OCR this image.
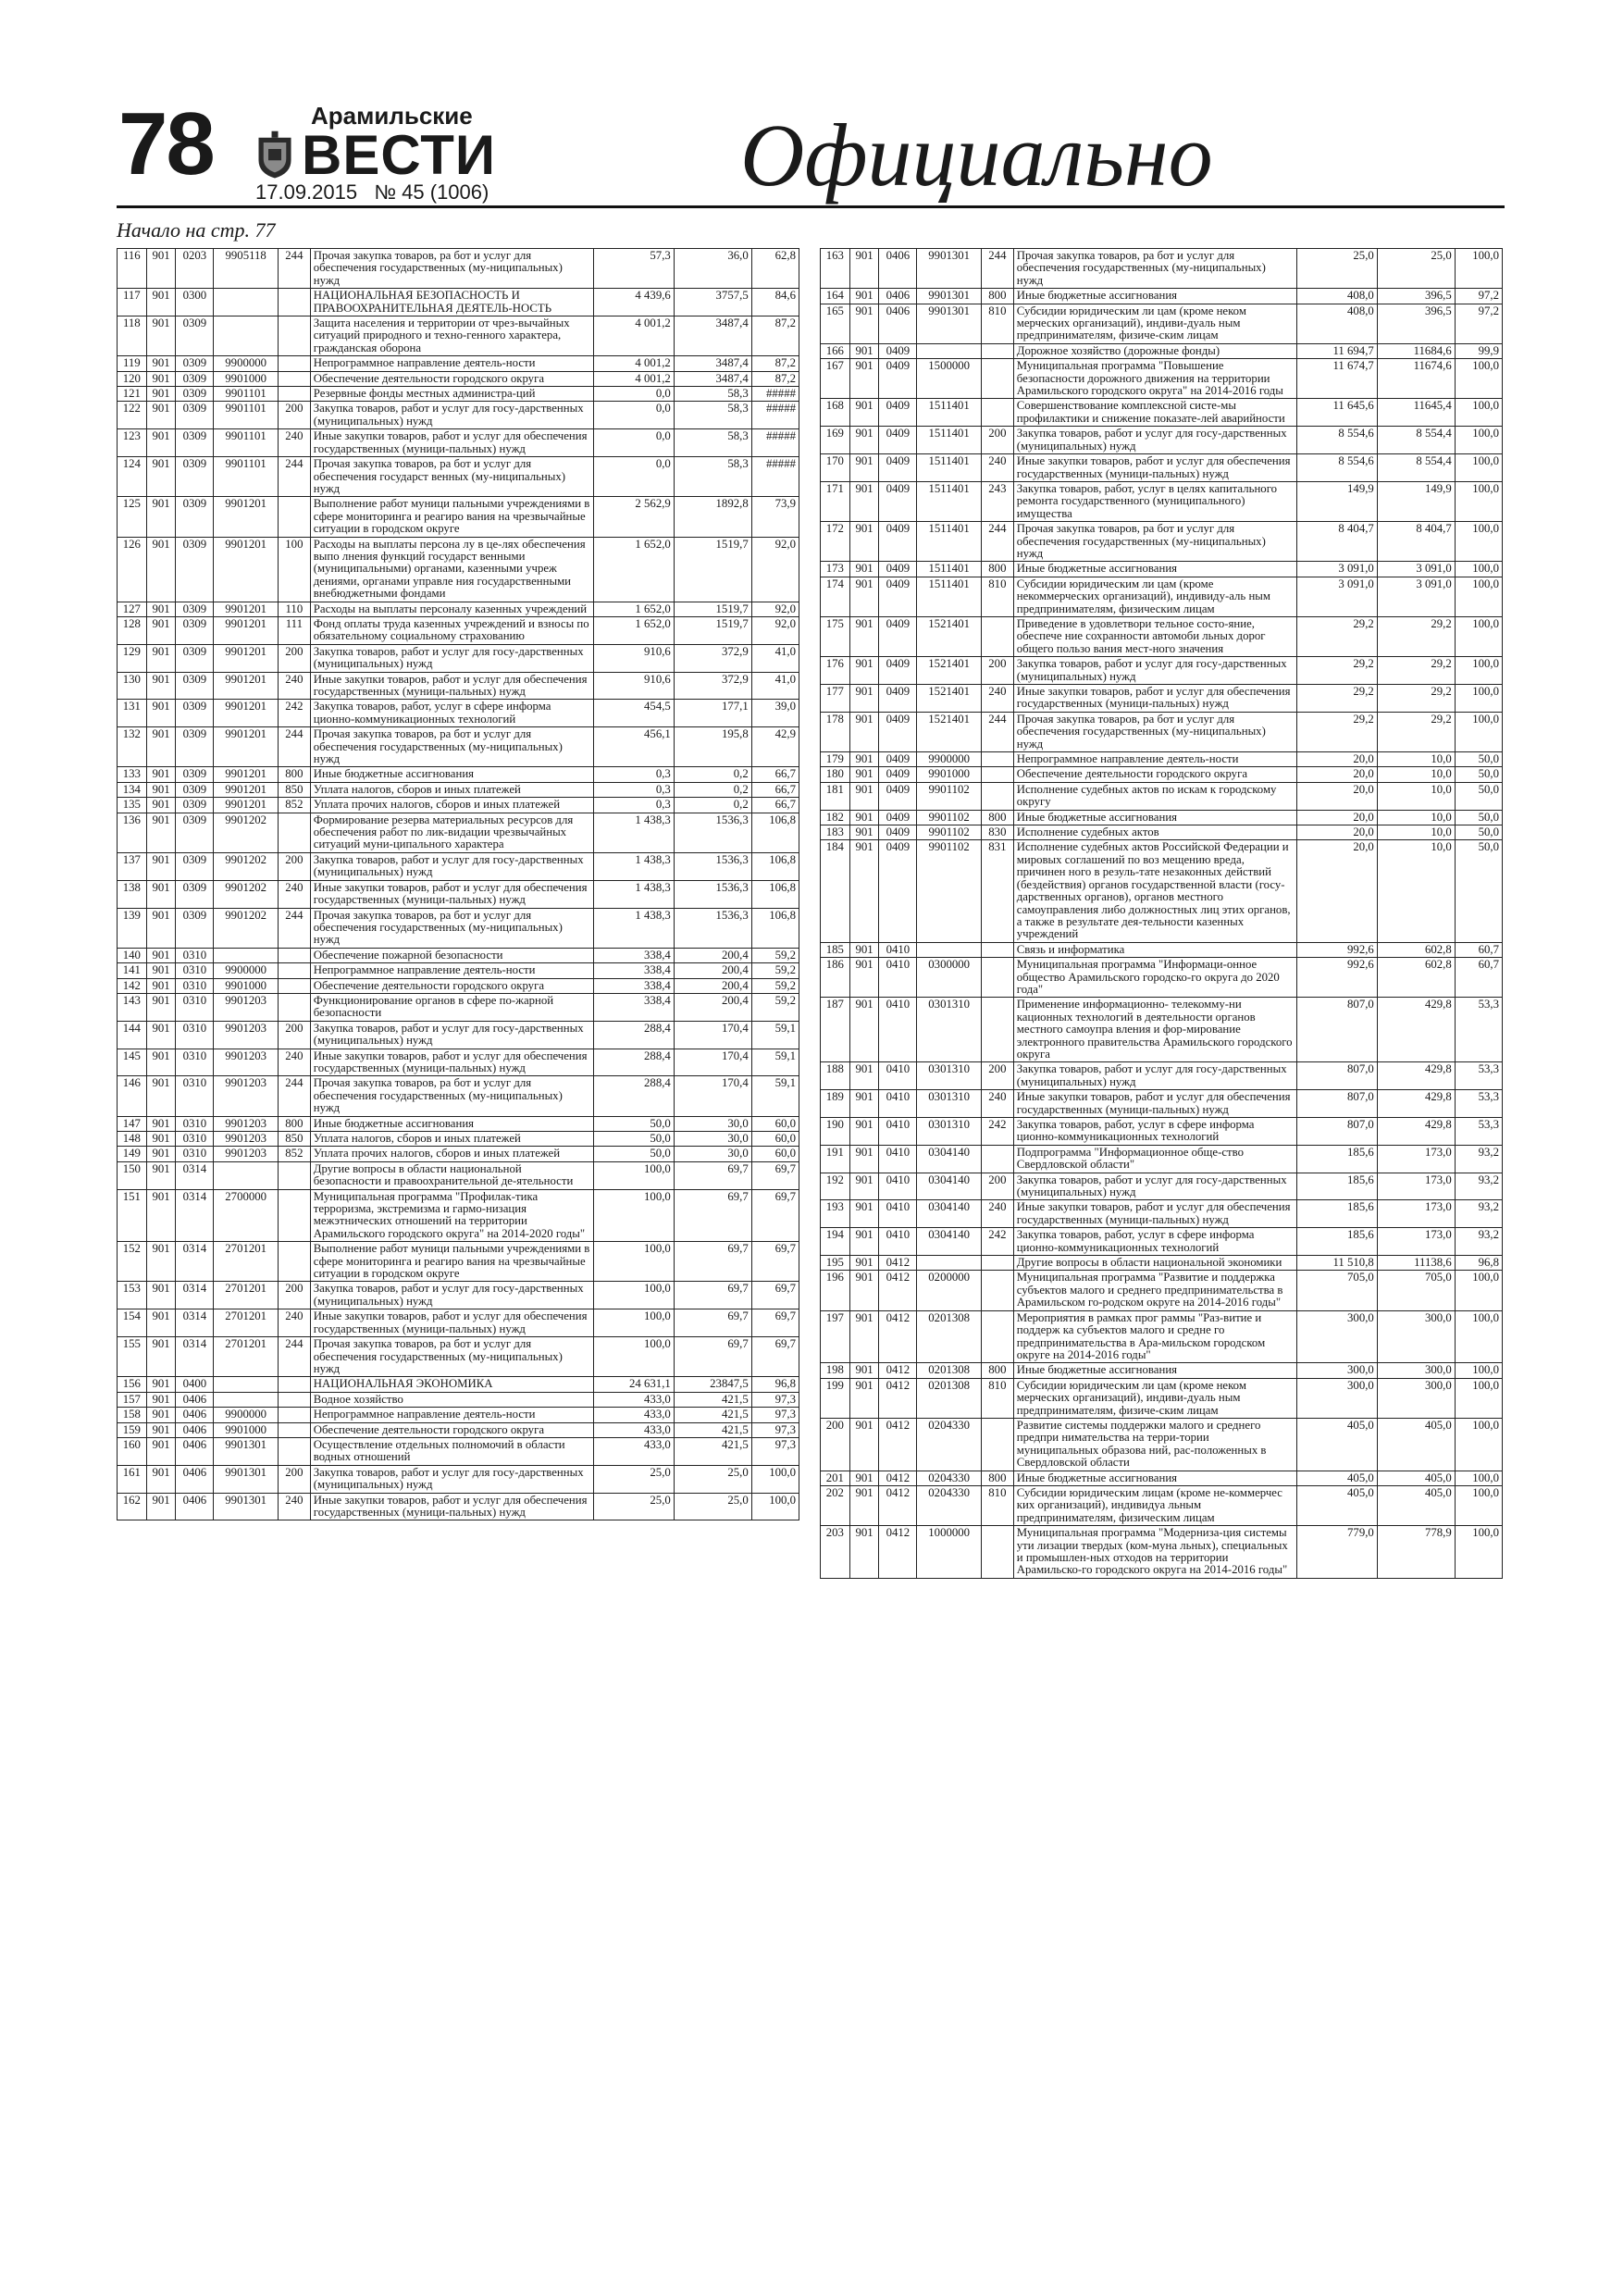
78	Арамильские
ВЕСТИ
17.09.2015 № 45 (1006)	Официально
Начало на стр. 77
116	901	0203	9905118	244	Прочая закупка товаров, ра бот и услуг для обеспечения государственных (му-ниципальных) нужд	57,3	36,0	62,8
117	901	0300			НАЦИОНАЛЬНАЯ БЕЗОПАСНОСТЬ И ПРАВООХРАНИТЕЛЬНАЯ ДЕЯТЕЛЬ-НОСТЬ	4 439,6	3757,5	84,6
118	901	0309			Защита населения и территории от чрез-вычайных ситуаций природного и техно-генного характера, гражданская оборона	4 001,2	3487,4	87,2
119	901	0309	9900000		Непрограммное направление деятель-ности	4 001,2	3487,4	87,2
120	901	0309	9901000		Обеспечение деятельности городского округа	4 001,2	3487,4	87,2
121	901	0309	9901101		Резервные фонды местных администра-ций	0,0	58,3	#####
122	901	0309	9901101	200	Закупка товаров, работ и услуг для госу-дарственных (муниципальных) нужд	0,0	58,3	#####
123	901	0309	9901101	240	Иные закупки товаров, работ и услуг для обеспечения государственных (муници-пальных) нужд	0,0	58,3	#####
124	901	0309	9901101	244	Прочая закупка товаров, ра бот и услуг для обеспечения государст венных (му-ниципальных) нужд	0,0	58,3	#####
125	901	0309	9901201		Выполнение работ муници пальными учреждениями в сфере мониторинга и реагиро вания на чрезвычайные ситуации в городском округе	2 562,9	1892,8	73,9
126	901	0309	9901201	100	Расходы на выплаты персона лу в це-лях обеспечения выпо лнения функций государст венными (муниципальными) органами, казенными учреж дениями, органами управле ния государственными внебюджетными фондами	1 652,0	1519,7	92,0
127	901	0309	9901201	110	Расходы на выплаты персоналу казенных учреждений	1 652,0	1519,7	92,0
128	901	0309	9901201	111	Фонд оплаты труда казенных учреждений и взносы по обязательному социальному страхованию	1 652,0	1519,7	92,0
129	901	0309	9901201	200	Закупка товаров, работ и услуг для госу-дарственных (муниципальных) нужд	910,6	372,9	41,0
130	901	0309	9901201	240	Иные закупки товаров, работ и услуг для обеспечения государственных (муници-пальных) нужд	910,6	372,9	41,0
131	901	0309	9901201	242	Закупка товаров, работ, услуг в сфере информа ционно-коммуникационных технологий	454,5	177,1	39,0
132	901	0309	9901201	244	Прочая закупка товаров, ра бот и услуг для обеспечения государственных (му-ниципальных) нужд	456,1	195,8	42,9
133	901	0309	9901201	800	Иные бюджетные ассигнования	0,3	0,2	66,7
134	901	0309	9901201	850	Уплата налогов, сборов и иных платежей	0,3	0,2	66,7
135	901	0309	9901201	852	Уплата прочих налогов, сборов и иных платежей	0,3	0,2	66,7
136	901	0309	9901202		Формирование резерва материальных ресурсов для обеспечения работ по лик-видации чрезвычайных ситуаций муни-ципального характера	1 438,3	1536,3	106,8
137	901	0309	9901202	200	Закупка товаров, работ и услуг для госу-дарственных (муниципальных) нужд	1 438,3	1536,3	106,8
138	901	0309	9901202	240	Иные закупки товаров, работ и услуг для обеспечения государственных (муници-пальных) нужд	1 438,3	1536,3	106,8
139	901	0309	9901202	244	Прочая закупка товаров, ра бот и услуг для обеспечения государственных (му-ниципальных) нужд	1 438,3	1536,3	106,8
140	901	0310			Обеспечение пожарной безопасности	338,4	200,4	59,2
141	901	0310	9900000		Непрограммное направление деятель-ности	338,4	200,4	59,2
142	901	0310	9901000		Обеспечение деятельности городского округа	338,4	200,4	59,2
143	901	0310	9901203		Функционирование органов в сфере по-жарной безопасности	338,4	200,4	59,2
144	901	0310	9901203	200	Закупка товаров, работ и услуг для госу-дарственных (муниципальных) нужд	288,4	170,4	59,1
145	901	0310	9901203	240	Иные закупки товаров, работ и услуг для обеспечения государственных (муници-пальных) нужд	288,4	170,4	59,1
146	901	0310	9901203	244	Прочая закупка товаров, ра бот и услуг для обеспечения государственных (му-ниципальных) нужд	288,4	170,4	59,1
147	901	0310	9901203	800	Иные бюджетные ассигнования	50,0	30,0	60,0
148	901	0310	9901203	850	Уплата налогов, сборов и иных платежей	50,0	30,0	60,0
149	901	0310	9901203	852	Уплата прочих налогов, сборов и иных платежей	50,0	30,0	60,0
150	901	0314			Другие вопросы в области национальной безопасности и правоохранительной де-ятельности	100,0	69,7	69,7
151	901	0314	2700000		Муниципальная программа "Профилак-тика терроризма, экстремизма и гармо-низация межэтнических отношений на территории Арамильского городского округа" на 2014-2020 годы"	100,0	69,7	69,7
152	901	0314	2701201		Выполнение работ муници пальными учреждениями в сфере мониторинга и реагиро вания на чрезвычайные ситуации в городском округе	100,0	69,7	69,7
153	901	0314	2701201	200	Закупка товаров, работ и услуг для госу-дарственных (муниципальных) нужд	100,0	69,7	69,7
154	901	0314	2701201	240	Иные закупки товаров, работ и услуг для обеспечения государственных (муници-пальных) нужд	100,0	69,7	69,7
155	901	0314	2701201	244	Прочая закупка товаров, ра бот и услуг для обеспечения государственных (му-ниципальных) нужд	100,0	69,7	69,7
156	901	0400			НАЦИОНАЛЬНАЯ ЭКОНОМИКА	24 631,1	23847,5	96,8
157	901	0406			Водное хозяйство	433,0	421,5	97,3
158	901	0406	9900000		Непрограммное направление деятель-ности	433,0	421,5	97,3
159	901	0406	9901000		Обеспечение деятельности городского округа	433,0	421,5	97,3
160	901	0406	9901301		Осуществление отдельных полномочий в области водных отношений	433,0	421,5	97,3
161	901	0406	9901301	200	Закупка товаров, работ и услуг для госу-дарственных (муниципальных) нужд	25,0	25,0	100,0
162	901	0406	9901301	240	Иные закупки товаров, работ и услуг для обеспечения государственных (муници-пальных) нужд	25,0	25,0	100,0
163	901	0406	9901301	244	Прочая закупка товаров, ра бот и услуг для обеспечения государственных (му-ниципальных) нужд	25,0	25,0	100,0
164	901	0406	9901301	800	Иные бюджетные ассигнования	408,0	396,5	97,2
165	901	0406	9901301	810	Субсидии юридическим ли цам (кроме неком мерческих организаций), индиви-дуаль ным предпринимателям, физиче-ским лицам	408,0	396,5	97,2
166	901	0409			Дорожное хозяйство (дорожные фонды)	11 694,7	11684,6	99,9
167	901	0409	1500000		Муниципальная программа "Повышение безопасности дорожного движения на территории Арамильского городского округа" на 2014-2016 годы	11 674,7	11674,6	100,0
168	901	0409	1511401		Совершенствование комплексной систе-мы профилактики и снижение показате-лей аварийности	11 645,6	11645,4	100,0
169	901	0409	1511401	200	Закупка товаров, работ и услуг для госу-дарственных (муниципальных) нужд	8 554,6	8 554,4	100,0
170	901	0409	1511401	240	Иные закупки товаров, работ и услуг для обеспечения государственных (муници-пальных) нужд	8 554,6	8 554,4	100,0
171	901	0409	1511401	243	Закупка товаров, работ, услуг в целях капитального ремонта государственного (муниципального) имущества	149,9	149,9	100,0
172	901	0409	1511401	244	Прочая закупка товаров, ра бот и услуг для обеспечения государственных (му-ниципальных) нужд	8 404,7	8 404,7	100,0
173	901	0409	1511401	800	Иные бюджетные ассигнования	3 091,0	3 091,0	100,0
174	901	0409	1511401	810	Субсидии юридическим ли цам (кроме некоммерческих организаций), индивиду-аль ным предпринимателям, физическим лицам	3 091,0	3 091,0	100,0
175	901	0409	1521401		Приведение в удовлетвори тельное состо-яние, обеспече ние сохранности автомоби льных дорог общего пользо вания мест-ного значения	29,2	29,2	100,0
176	901	0409	1521401	200	Закупка товаров, работ и услуг для госу-дарственных (муниципальных) нужд	29,2	29,2	100,0
177	901	0409	1521401	240	Иные закупки товаров, работ и услуг для обеспечения государственных (муници-пальных) нужд	29,2	29,2	100,0
178	901	0409	1521401	244	Прочая закупка товаров, ра бот и услуг для обеспечения государственных (му-ниципальных) нужд	29,2	29,2	100,0
179	901	0409	9900000		Непрограммное направление деятель-ности	20,0	10,0	50,0
180	901	0409	9901000		Обеспечение деятельности городского округа	20,0	10,0	50,0
181	901	0409	9901102		Исполнение судебных актов по искам к городскому округу	20,0	10,0	50,0
182	901	0409	9901102	800	Иные бюджетные ассигнования	20,0	10,0	50,0
183	901	0409	9901102	830	Исполнение судебных актов	20,0	10,0	50,0
184	901	0409	9901102	831	Исполнение судебных актов Российской Федерации и мировых соглашений по воз мещению вреда, причинен ного в резуль-тате незаконных действий (бездействия) органов государственной власти (госу-дарственных органов), органов местного самоуправления либо должностных лиц этих органов, а также в результате дея-тельности казенных учреждений	20,0	10,0	50,0
185	901	0410			Связь и информатика	992,6	602,8	60,7
186	901	0410	0300000		Муниципальная программа "Информаци-онное общество Арамильского городско-го округа до 2020 года"	992,6	602,8	60,7
187	901	0410	0301310		Применение информационно- телекомму-ни кационных технологий в деятельности органов местного самоупра вления и фор-мирование электронного правительства Арамильского городского округа	807,0	429,8	53,3
188	901	0410	0301310	200	Закупка товаров, работ и услуг для госу-дарственных (муниципальных) нужд	807,0	429,8	53,3
189	901	0410	0301310	240	Иные закупки товаров, работ и услуг для обеспечения государственных (муници-пальных) нужд	807,0	429,8	53,3
190	901	0410	0301310	242	Закупка товаров, работ, услуг в сфере информа ционно-коммуникационных технологий	807,0	429,8	53,3
191	901	0410	0304140		Подпрограмма "Информационное обще-ство Свердловской области"	185,6	173,0	93,2
192	901	0410	0304140	200	Закупка товаров, работ и услуг для госу-дарственных (муниципальных) нужд	185,6	173,0	93,2
193	901	0410	0304140	240	Иные закупки товаров, работ и услуг для обеспечения государственных (муници-пальных) нужд	185,6	173,0	93,2
194	901	0410	0304140	242	Закупка товаров, работ, услуг в сфере информа ционно-коммуникационных технологий	185,6	173,0	93,2
195	901	0412			Другие вопросы в области национальной экономики	11 510,8	11138,6	96,8
196	901	0412	0200000		Муниципальная программа "Развитие и поддержка субъектов малого и среднего предпринимательства в Арамильском го-родском округе на 2014-2016 годы"	705,0	705,0	100,0
197	901	0412	0201308		Мероприятия в рамках прог раммы "Раз-витие и поддерж ка субъектов малого и средне го предпринимательства в Ара-мильском городском округе на 2014-2016 годы"	300,0	300,0	100,0
198	901	0412	0201308	800	Иные бюджетные ассигнования	300,0	300,0	100,0
199	901	0412	0201308	810	Субсидии юридическим ли цам (кроме неком мерческих организаций), индиви-дуаль ным предпринимателям, физиче-ским лицам	300,0	300,0	100,0
200	901	0412	0204330		Развитие системы поддержки малого и среднего предпри нимательства на терри-тории муниципальных образова ний, рас-положенных в Свердловской области	405,0	405,0	100,0
201	901	0412	0204330	800	Иные бюджетные ассигнования	405,0	405,0	100,0
202	901	0412	0204330	810	Субсидии юридическим лицам (кроме не-коммерчес ких организаций), индивидуа льным предпринимателям, физическим лицам	405,0	405,0	100,0
203	901	0412	1000000		Муниципальная программа "Модерниза-ция системы ути лизации твердых (ком-муна льных), специальных и промышлен-ных отходов на территории Арамильско-го городского округа на 2014-2016 годы"	779,0	778,9	100,0
